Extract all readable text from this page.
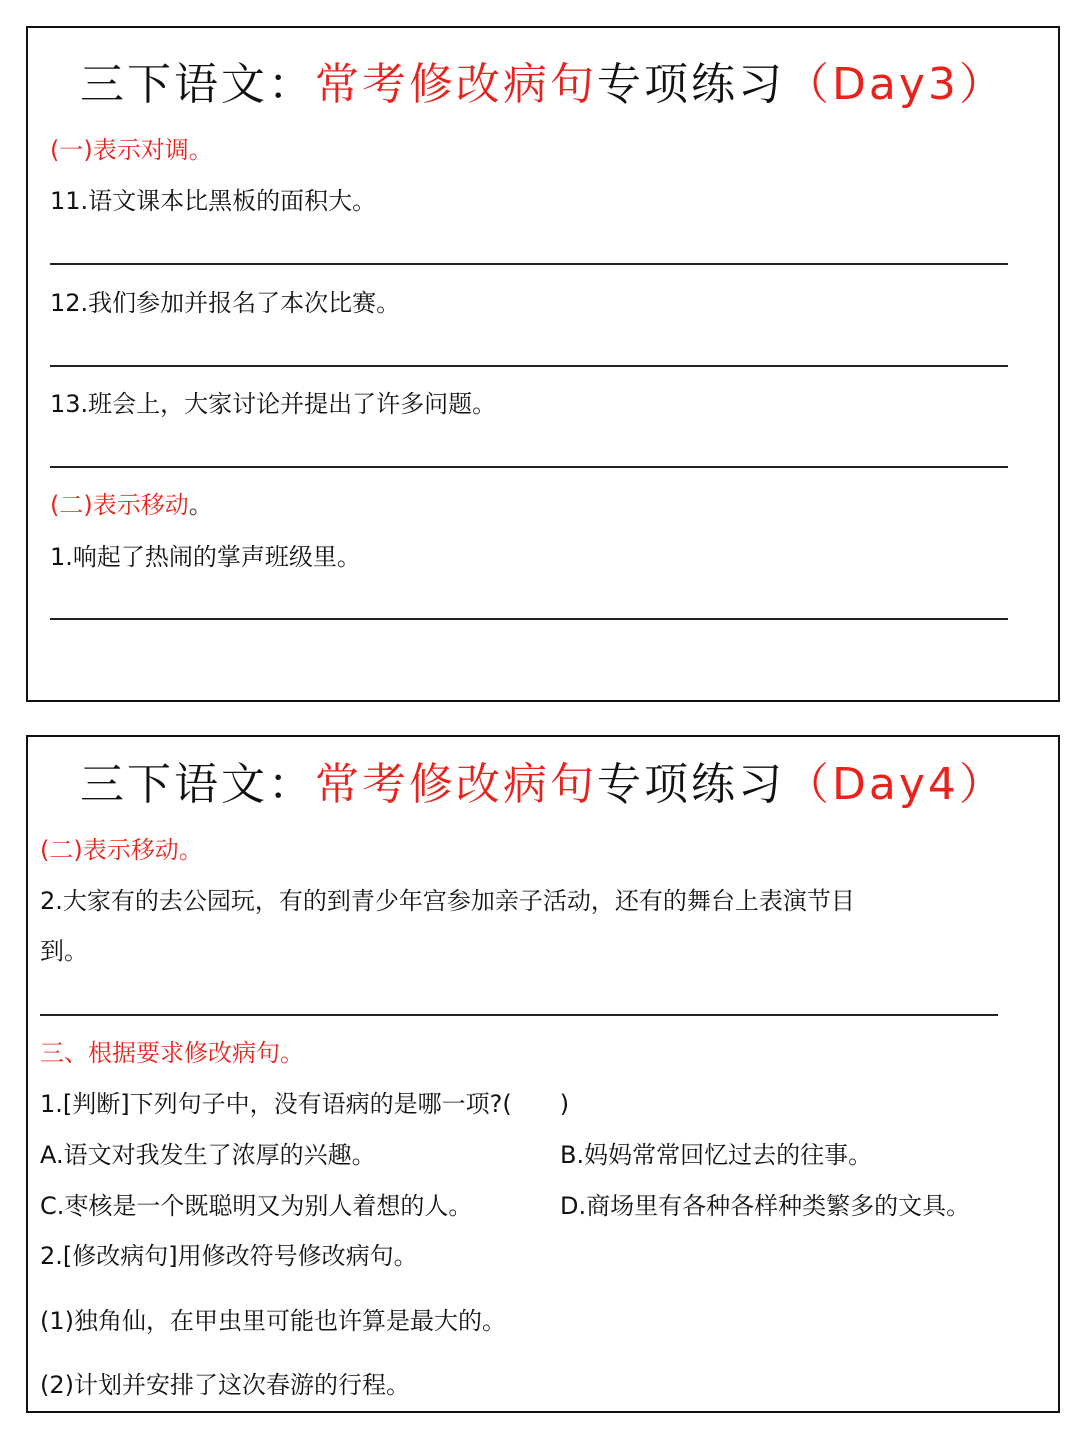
三下语文：常考修改病句专项练习（Day3）
(一)表示对调。
11.语文课本比黑板的面积大。
12.我们参加并报名了本次比赛。
13.班会上，大家讨论并提出了许多问题。
(二)表示移动。
1.响起了热闹的掌声班级里。
三下语文：常考修改病句专项练习（Day4）
(二)表示移动。
2.大家有的去公园玩，有的到青少年宫参加亲子活动，还有的舞台上表演节目
到。
三、根据要求修改病句。
1.[判断]下列句子中，没有语病的是哪一项?(　　)
A.语文对我发生了浓厚的兴趣。	B.妈妈常常回忆过去的往事。
C.枣核是一个既聪明又为别人着想的人。	D.商场里有各种各样种类繁多的文具。
2.[修改病句]用修改符号修改病句。
(1)独角仙，在甲虫里可能也许算是最大的。
(2)计划并安排了这次春游的行程。
